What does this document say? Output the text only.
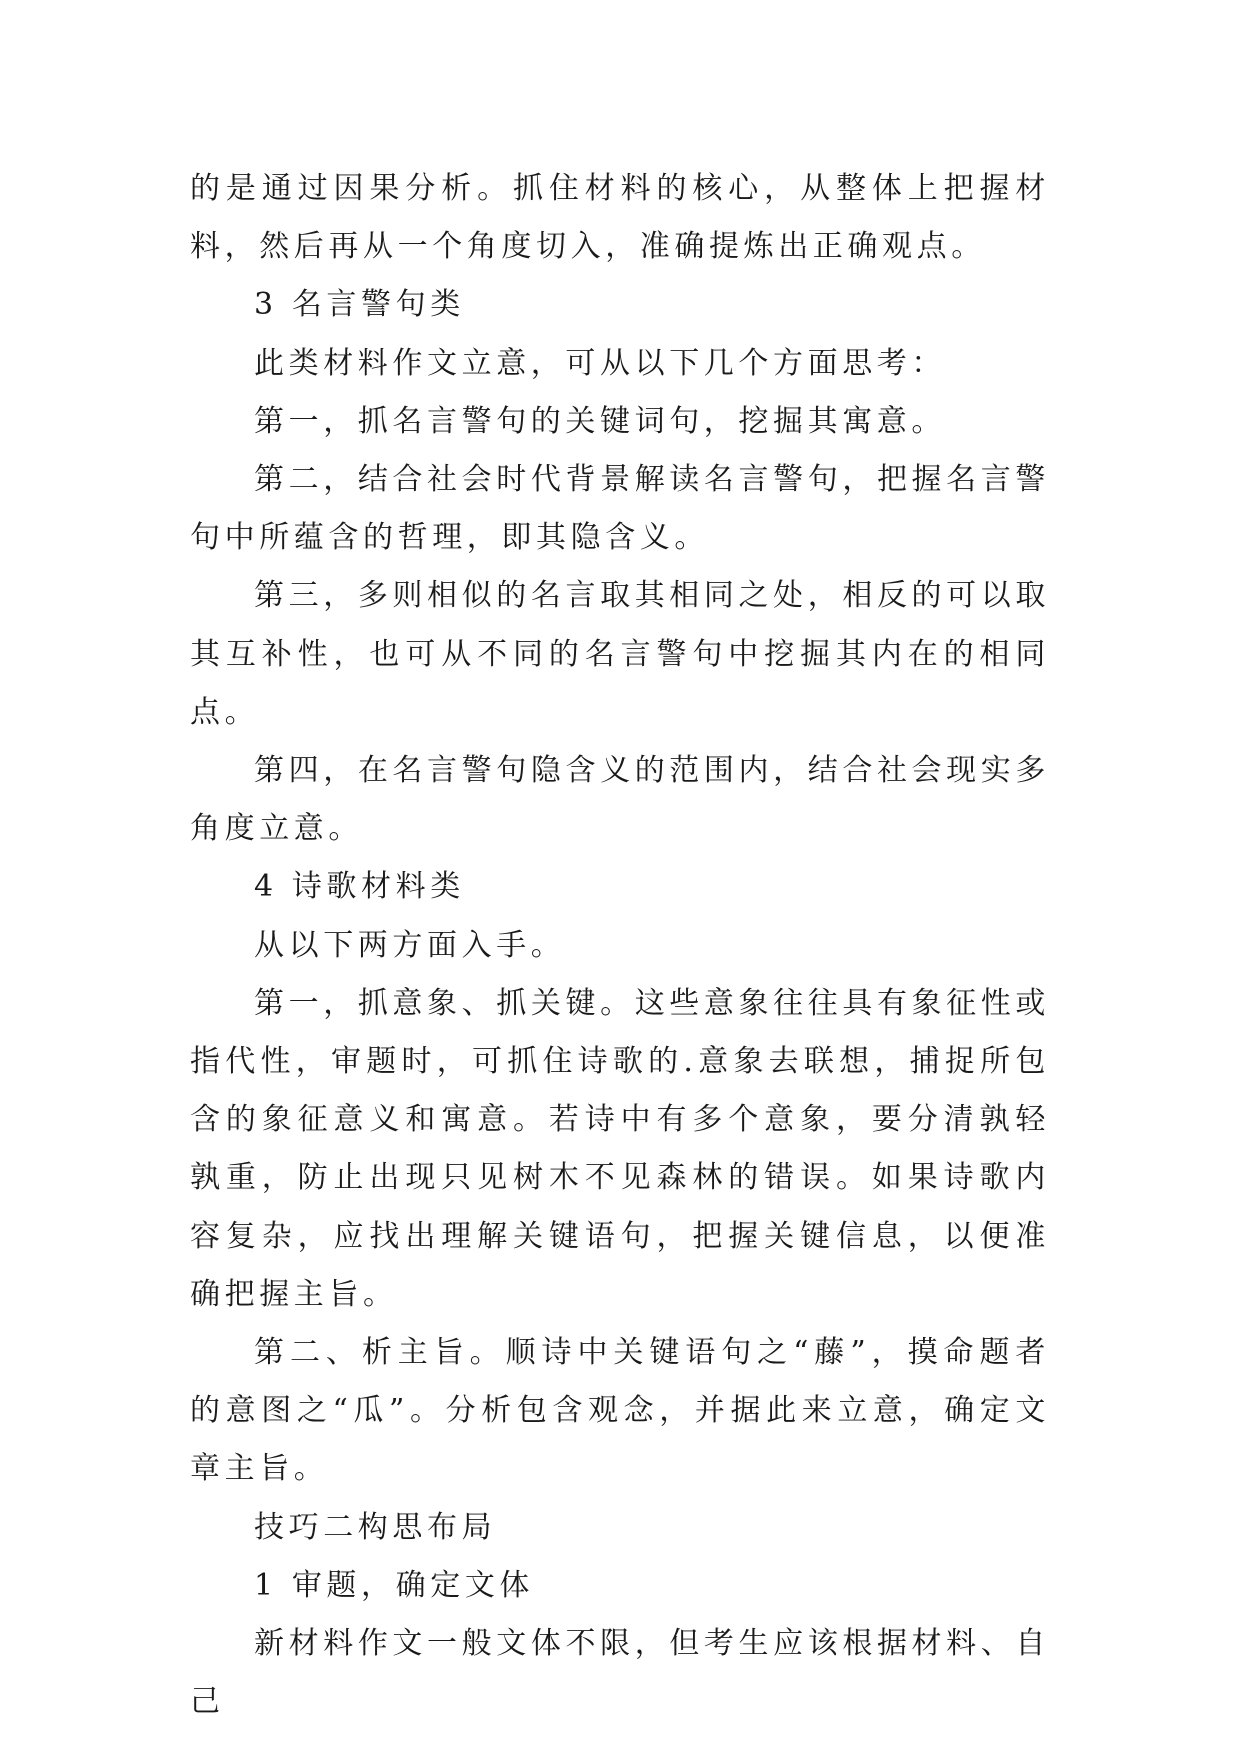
的是通过因果分析。抓住材料的核心，从整体上把握材料，然后再从一个角度切入，准确提炼出正确观点。

3 名言警句类

此类材料作文立意，可从以下几个方面思考：

第一，抓名言警句的关键词句，挖掘其寓意。

第二，结合社会时代背景解读名言警句，把握名言警句中所蕴含的哲理，即其隐含义。

第三，多则相似的名言取其相同之处，相反的可以取其互补性，也可从不同的名言警句中挖掘其内在的相同点。

第四，在名言警句隐含义的范围内，结合社会现实多角度立意。

4 诗歌材料类

从以下两方面入手。

第一，抓意象、抓关键。这些意象往往具有象征性或指代性，审题时，可抓住诗歌的.意象去联想，捕捉所包含的象征意义和寓意。若诗中有多个意象，要分清孰轻孰重，防止出现只见树木不见森林的错误。如果诗歌内容复杂，应找出理解关键语句，把握关键信息，以便准确把握主旨。

第二、析主旨。顺诗中关键语句之“藤”，摸命题者的意图之“瓜”。分析包含观念，并据此来立意，确定文章主旨。

技巧二构思布局

1 审题，确定文体

新材料作文一般文体不限，但考生应该根据材料、自己
